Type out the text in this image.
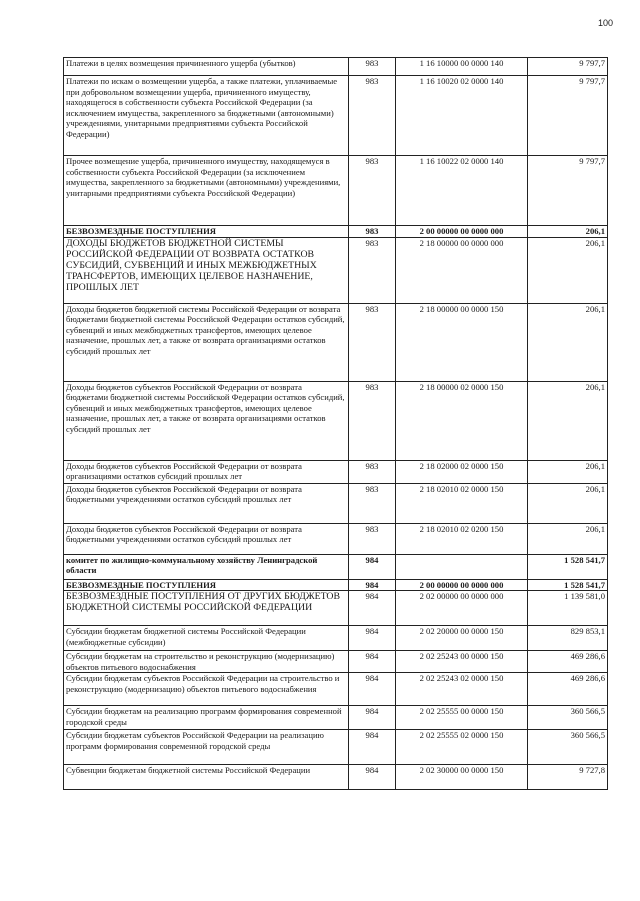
100
Платежи в целях возмещения причиненного ущерба (убытков)	983	1 16 10000 00 0000 140	9 797,7
Платежи по искам о возмещении ущерба, а также платежи, уплачиваемые при добровольном возмещении ущерба, причиненного имуществу, находящегося в собственности субъекта Российской Федерации (за исключением имущества, закрепленного за бюджетными (автономными) учреждениями, унитарными предприятиями субъекта Российской Федерации)	983	1 16 10020 02 0000 140	9 797,7
Прочее возмещение ущерба, причиненного имуществу, находящемуся в собственности субъекта Российской Федерации (за исключением имущества, закрепленного за бюджетными (автономными) учреждениями, унитарными предприятиями субъекта Российской Федерации)	983	1 16 10022 02 0000 140	9 797,7
БЕЗВОЗМЕЗДНЫЕ ПОСТУПЛЕНИЯ	983	2 00 00000 00 0000 000	206,1
ДОХОДЫ БЮДЖЕТОВ БЮДЖЕТНОЙ СИСТЕМЫ РОССИЙСКОЙ ФЕДЕРАЦИИ ОТ ВОЗВРАТА ОСТАТКОВ СУБСИДИЙ, СУБВЕНЦИЙ И ИНЫХ МЕЖБЮДЖЕТНЫХ ТРАНСФЕРТОВ, ИМЕЮЩИХ ЦЕЛЕВОЕ НАЗНАЧЕНИЕ, ПРОШЛЫХ ЛЕТ	983	2 18 00000 00 0000 000	206,1
Доходы бюджетов бюджетной системы Российской Федерации от возврата бюджетами бюджетной системы Российской Федерации остатков субсидий, субвенций и иных межбюджетных трансфертов, имеющих целевое назначение, прошлых лет, а также от возврата организациями остатков субсидий прошлых лет	983	2 18 00000 00 0000 150	206,1
Доходы бюджетов субъектов Российской Федерации от возврата бюджетами бюджетной системы Российской Федерации остатков субсидий, субвенций и иных межбюджетных трансфертов, имеющих целевое назначение, прошлых лет, а также от возврата организациями остатков субсидий прошлых лет	983	2 18 00000 02 0000 150	206,1
Доходы бюджетов субъектов Российской Федерации от возврата организациями остатков субсидий прошлых лет	983	2 18 02000 02 0000 150	206,1
Доходы бюджетов субъектов Российской Федерации от возврата бюджетными учреждениями остатков субсидий прошлых лет	983	2 18 02010 02 0000 150	206,1
Доходы бюджетов субъектов Российской Федерации от возврата бюджетными учреждениями остатков субсидий прошлых лет	983	2 18 02010 02 0200 150	206,1
комитет по жилищно-коммунальному хозяйству Ленинградской области	984		1 528 541,7
БЕЗВОЗМЕЗДНЫЕ ПОСТУПЛЕНИЯ	984	2 00 00000 00 0000 000	1 528 541,7
БЕЗВОЗМЕЗДНЫЕ ПОСТУПЛЕНИЯ ОТ ДРУГИХ БЮДЖЕТОВ БЮДЖЕТНОЙ СИСТЕМЫ РОССИЙСКОЙ ФЕДЕРАЦИИ	984	2 02 00000 00 0000 000	1 139 581,0
Субсидии бюджетам бюджетной системы Российской Федерации (межбюджетные субсидии)	984	2 02 20000 00 0000 150	829 853,1
Субсидии бюджетам на строительство и реконструкцию (модернизацию) объектов питьевого водоснабжения	984	2 02 25243 00 0000 150	469 286,6
Субсидии бюджетам субъектов Российской Федерации на строительство и реконструкцию (модернизацию) объектов питьевого водоснабжения	984	2 02 25243 02 0000 150	469 286,6
Субсидии бюджетам на реализацию программ формирования современной городской среды	984	2 02 25555 00 0000 150	360 566,5
Субсидии бюджетам субъектов Российской Федерации на реализацию программ формирования современной городской среды	984	2 02 25555 02 0000 150	360 566,5
Субвенции бюджетам бюджетной системы Российской Федерации	984	2 02 30000 00 0000 150	9 727,8
